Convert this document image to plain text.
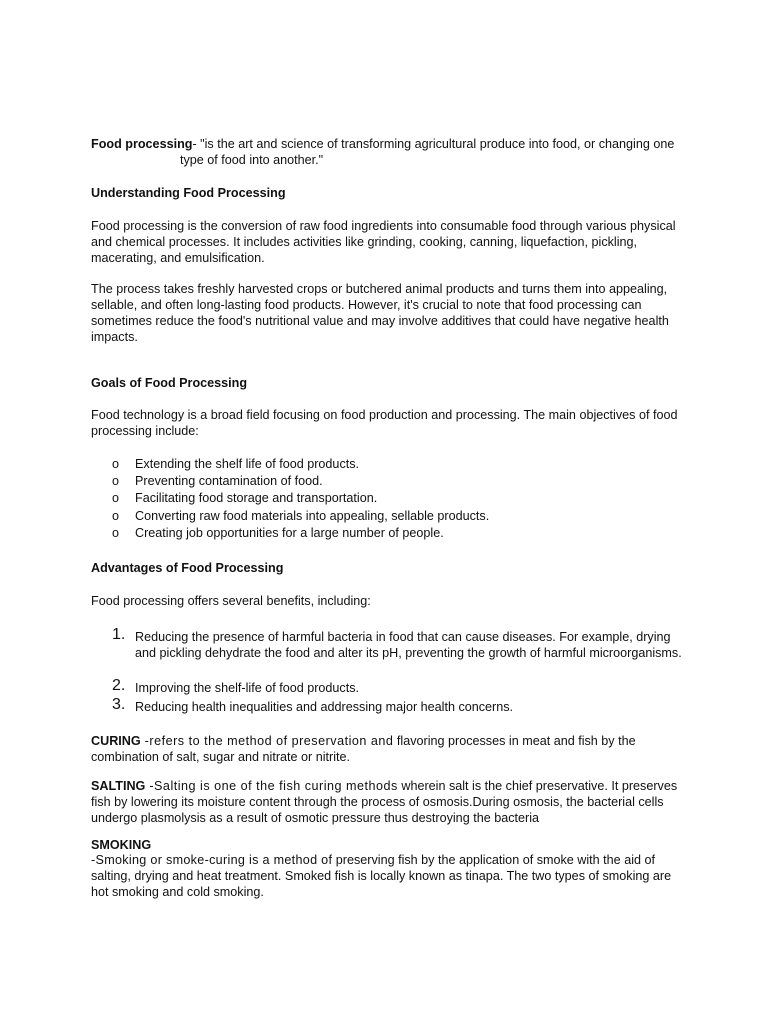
Food processing- "is the art and science of transforming agricultural produce into food, or changing one

type of food into another."

Understanding Food Processing

Food processing is the conversion of raw food ingredients into consumable food through various physical and chemical processes. It includes activities like grinding, cooking, canning, liquefaction, pickling, macerating, and emulsification.

The process takes freshly harvested crops or butchered animal products and turns them into appealing, sellable, and often long-lasting food products. However, it's crucial to note that food processing can sometimes reduce the food's nutritional value and may involve additives that could have negative health impacts.

Goals of Food Processing

Food technology is a broad field focusing on food production and processing. The main objectives of food processing include:

o Extending the shelf life of food products.
o Preventing contamination of food.
o Facilitating food storage and transportation.
o Converting raw food materials into appealing, sellable products.
o Creating job opportunities for a large number of people.

Advantages of Food Processing

Food processing offers several benefits, including:

1. Reducing the presence of harmful bacteria in food that can cause diseases. For example, drying and pickling dehydrate the food and alter its pH, preventing the growth of harmful microorganisms.
2. Improving the shelf-life of food products.
3. Reducing health inequalities and addressing major health concerns.

CURING -refers to the method of preservation and flavoring processes in meat and fish by the combination of salt, sugar and nitrate or nitrite.

SALTING -Salting is one of the fish curing methods wherein salt is the chief preservative. It preserves fish by lowering its moisture content through the process of osmosis.During osmosis, the bacterial cells undergo plasmolysis as a result of osmotic pressure thus destroying the bacteria

SMOKING

-Smoking or smoke-curing is a method of preserving fish by the application of smoke with the aid of salting, drying and heat treatment. Smoked fish is locally known as tinapa. The two types of smoking are hot smoking and cold smoking.
